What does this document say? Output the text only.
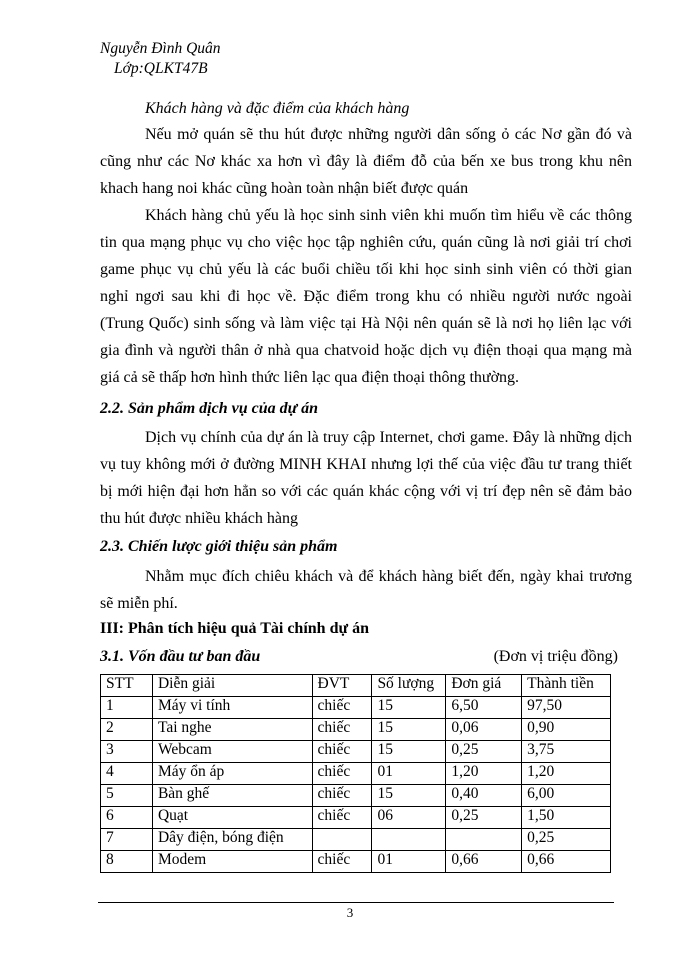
Nguyễn Đình Quân
Lớp:QLKT47B
Khách hàng và đặc điểm của khách hàng
Nếu mở quán sẽ thu hút được những người dân sống ỏ các Nơ gần đó và cũng như các Nơ khác xa hơn vì đây là điểm đỗ của bến xe bus trong khu nên khach hang noi khác cũng hoàn toàn nhận biết được quán
Khách hàng chủ yếu là học sinh sinh viên khi muốn tìm hiểu về các thông tin qua mạng phục vụ cho việc học tập nghiên cứu, quán cũng là nơi giải trí chơi game phục vụ chủ yếu là các buổi chiều tối khi học sinh sinh viên có thời gian nghỉ ngơi sau khi đi học về. Đặc điểm trong khu có nhiều người nước ngoài (Trung Quốc) sinh sống và làm việc tại Hà Nội nên quán sẽ là nơi họ liên lạc với gia đình và người thân ở nhà qua chatvoid hoặc dịch vụ điện thoại qua mạng mà giá cả sẽ thấp hơn hình thức liên lạc qua điện thoại thông thường.
2.2. Sản phẩm dịch vụ của dự án
Dịch vụ chính của dự án là truy cập Internet, chơi game. Đây là những dịch vụ tuy không mới ở đường MINH KHAI nhưng lợi thế của việc đầu tư trang thiết bị mới hiện đại hơn hẳn so với các quán khác cộng với vị trí đẹp nên sẽ đảm bảo thu hút được nhiều khách hàng
2.3. Chiến lược giới thiệu sản phẩm
Nhằm mục đích chiêu khách và để khách hàng biết đến, ngày khai trương sẽ miễn phí.
III: Phân tích hiệu quả Tài chính dự án
3.1. Vốn đầu tư ban đầu	(Đơn vị triệu đồng)
STT	Diễn giải	ĐVT	Số lượng	Đơn giá	Thành tiền
1	Máy vi tính	chiếc	15	6,50	97,50
2	Tai nghe	chiếc	15	0,06	0,90
3	Webcam	chiếc	15	0,25	3,75
4	Máy ổn áp	chiếc	01	1,20	1,20
5	Bàn ghế	chiếc	15	0,40	6,00
6	Quạt	chiếc	06	0,25	1,50
7	Dây điện, bóng điện				0,25
8	Modem	chiếc	01	0,66	0,66
3
